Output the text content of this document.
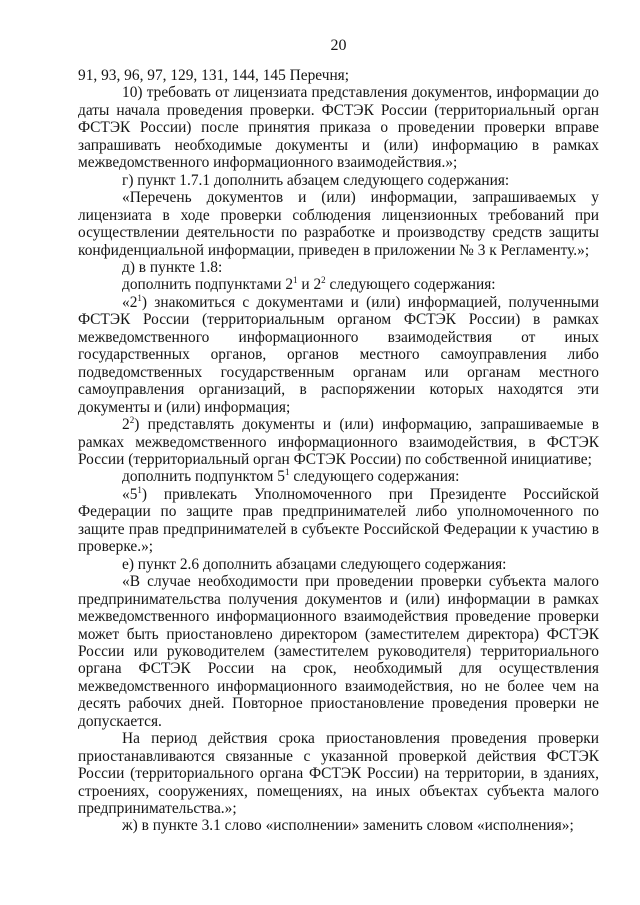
20

91, 93, 96, 97, 129, 131, 144, 145 Перечня;

10) требовать от лицензиата представления документов, информации до даты начала проведения проверки. ФСТЭК России (территориальный орган ФСТЭК России) после принятия приказа о проведении проверки вправе запрашивать необходимые документы и (или) информацию в рамках межведомственного информационного взаимодействия.»;

г) пункт 1.7.1 дополнить абзацем следующего содержания:

«Перечень документов и (или) информации, запрашиваемых у лицензиата в ходе проверки соблюдения лицензионных требований при осуществлении деятельности по разработке и производству средств защиты конфиденциальной информации, приведен в приложении № 3 к Регламенту.»;

д) в пункте 1.8:

дополнить подпунктами $2^1$ и $2^2$ следующего содержания:

«$2^1$) знакомиться с документами и (или) информацией, полученными ФСТЭК России (территориальным органом ФСТЭК России) в рамках межведомственного информационного взаимодействия от иных государственных органов, органов местного самоуправления либо подведомственных государственным органам или органам местного самоуправления организаций, в распоряжении которых находятся эти документы и (или) информация;

$2^2$) представлять документы и (или) информацию, запрашиваемые в рамках межведомственного информационного взаимодействия, в ФСТЭК России (территориальный орган ФСТЭК России) по собственной инициативе;

дополнить подпунктом $5^1$ следующего содержания:

«$5^1$) привлекать Уполномоченного при Президенте Российской Федерации по защите прав предпринимателей либо уполномоченного по защите прав предпринимателей в субъекте Российской Федерации к участию в проверке.»;

е) пункт 2.6 дополнить абзацами следующего содержания:

«В случае необходимости при проведении проверки субъекта малого предпринимательства получения документов и (или) информации в рамках межведомственного информационного взаимодействия проведение проверки может быть приостановлено директором (заместителем директора) ФСТЭК России или руководителем (заместителем руководителя) территориального органа ФСТЭК России на срок, необходимый для осуществления межведомственного информационного взаимодействия, но не более чем на десять рабочих дней. Повторное приостановление проведения проверки не допускается.

На период действия срока приостановления проведения проверки приостанавливаются связанные с указанной проверкой действия ФСТЭК России (территориального органа ФСТЭК России) на территории, в зданиях, строениях, сооружениях, помещениях, на иных объектах субъекта малого предпринимательства.»;

ж) в пункте 3.1 слово «исполнении» заменить словом «исполнения»;
